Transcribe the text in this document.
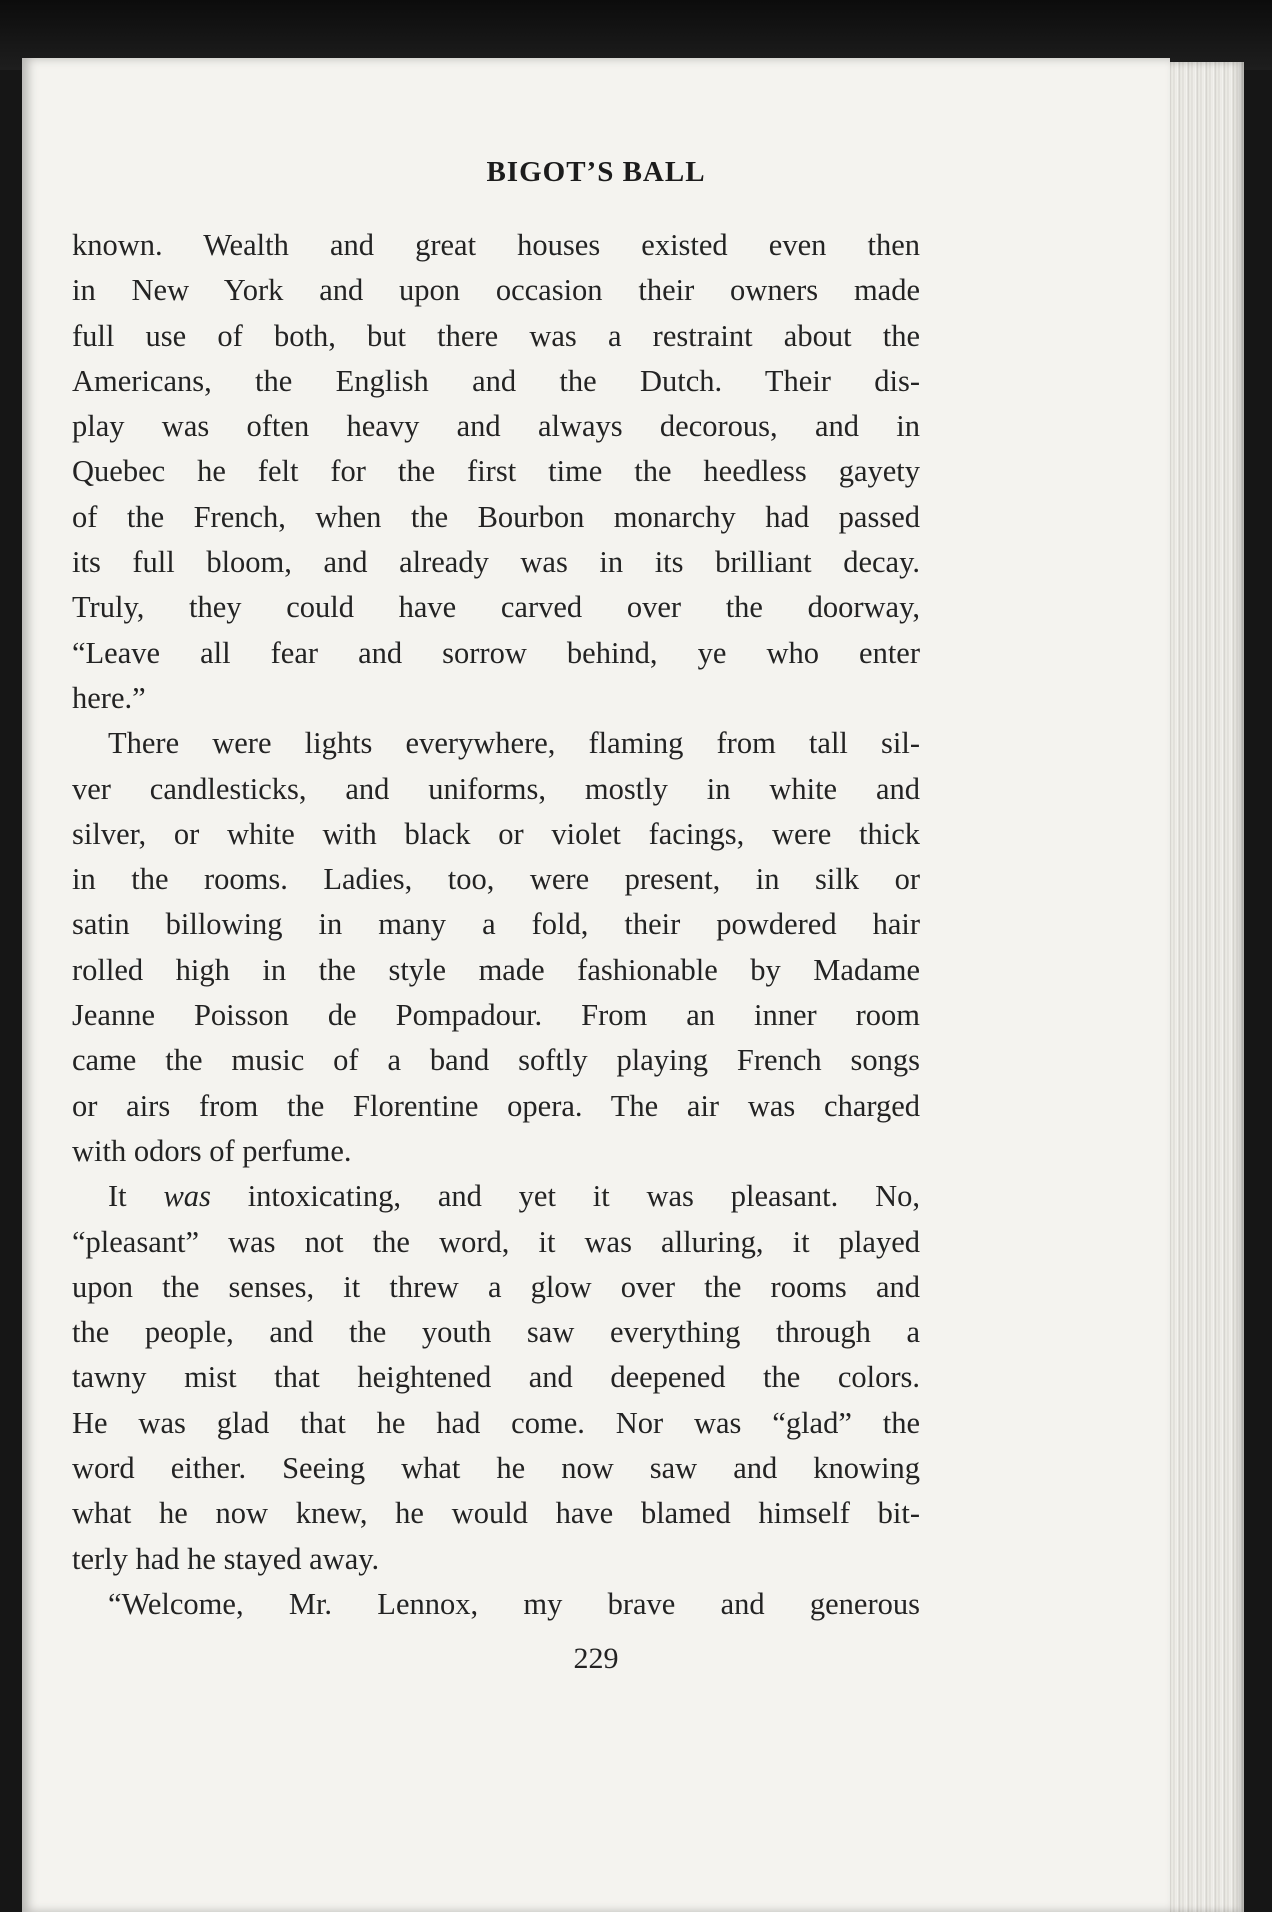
BIGOT’S BALL
known. Wealth and great houses existed even then
in New York and upon occasion their owners made
full use of both, but there was a restraint about the
Americans, the English and the Dutch. Their dis-
play was often heavy and always decorous, and in
Quebec he felt for the first time the heedless gayety
of the French, when the Bourbon monarchy had passed
its full bloom, and already was in its brilliant decay.
Truly, they could have carved over the doorway,
“Leave all fear and sorrow behind, ye who enter
here.”
There were lights everywhere, flaming from tall sil-
ver candlesticks, and uniforms, mostly in white and
silver, or white with black or violet facings, were thick
in the rooms. Ladies, too, were present, in silk or
satin billowing in many a fold, their powdered hair
rolled high in the style made fashionable by Madame
Jeanne Poisson de Pompadour. From an inner room
came the music of a band softly playing French songs
or airs from the Florentine opera. The air was charged
with odors of perfume.
It was intoxicating, and yet it was pleasant. No,
“pleasant” was not the word, it was alluring, it played
upon the senses, it threw a glow over the rooms and
the people, and the youth saw everything through a
tawny mist that heightened and deepened the colors.
He was glad that he had come. Nor was “glad” the
word either. Seeing what he now saw and knowing
what he now knew, he would have blamed himself bit-
terly had he stayed away.
“Welcome, Mr. Lennox, my brave and generous
229
